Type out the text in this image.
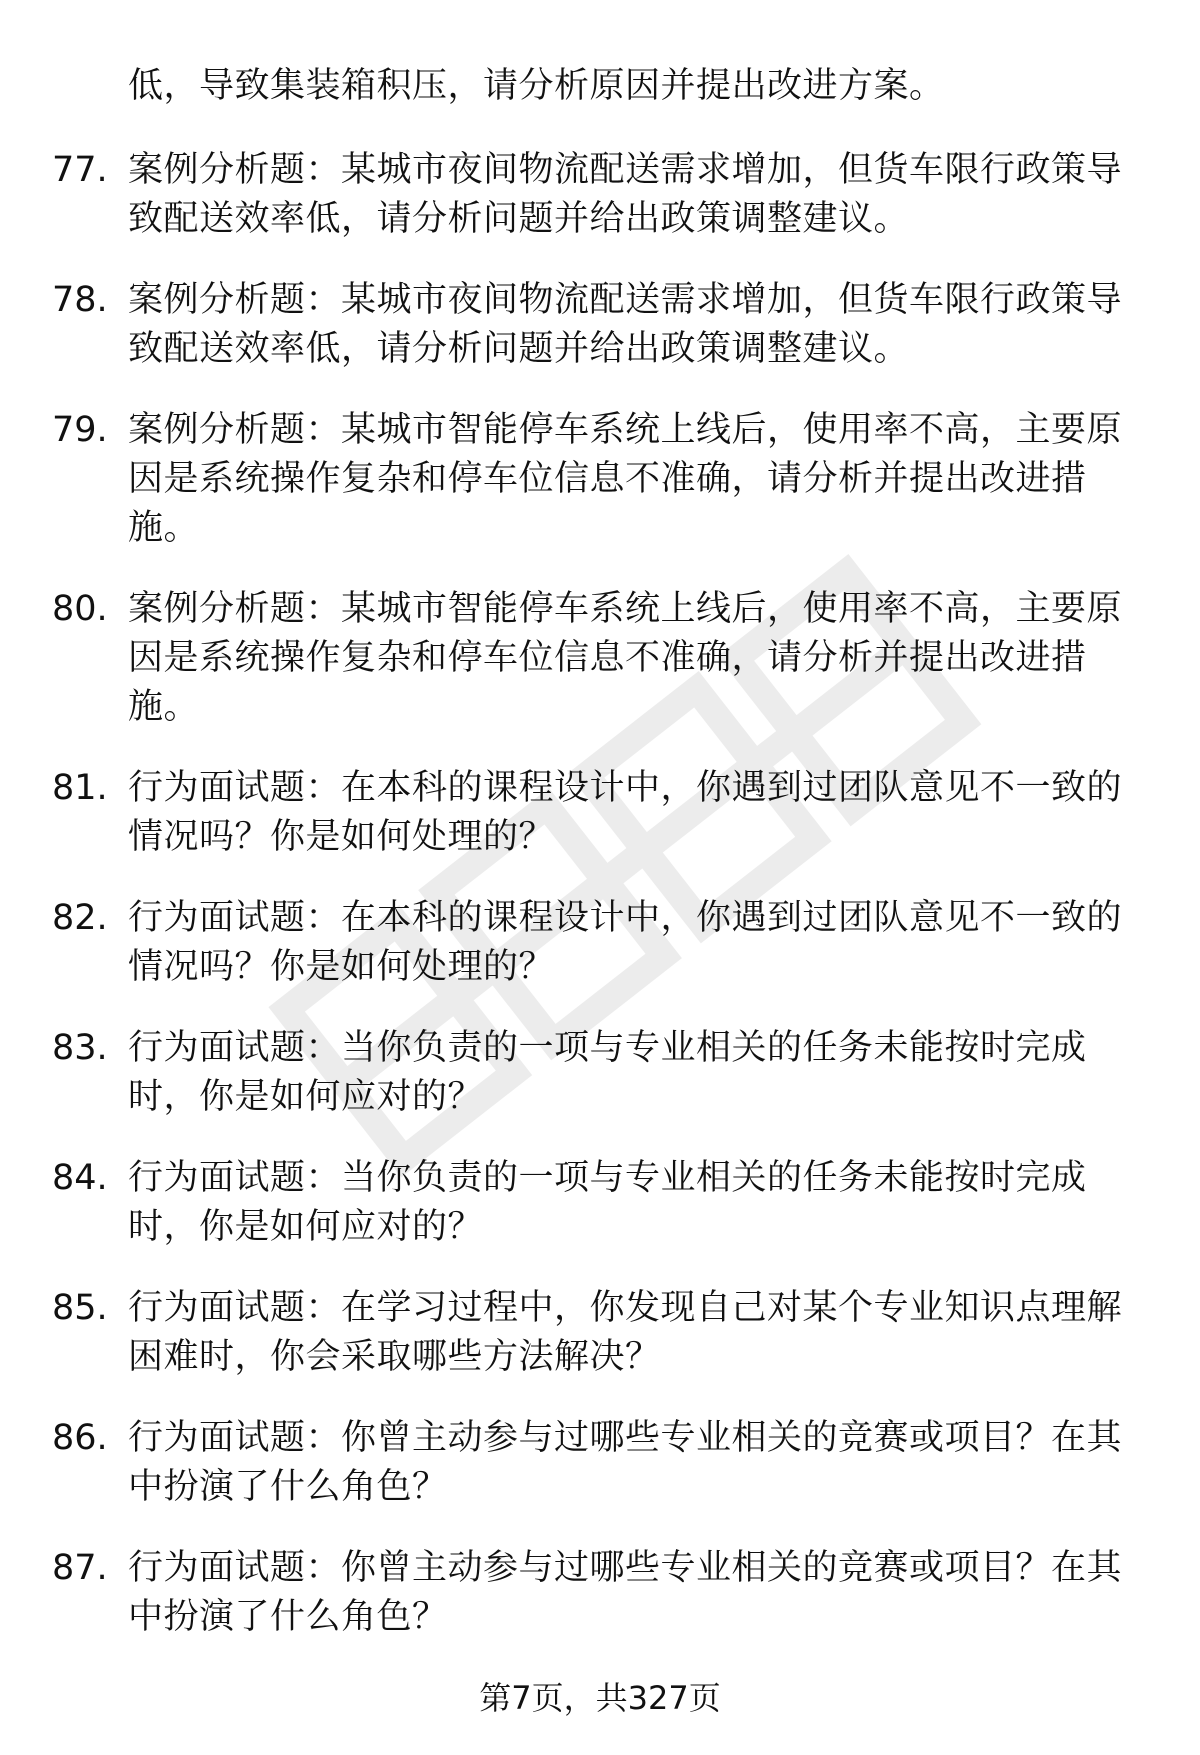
低，导致集装箱积压，请分析原因并提出改进方案。
77. 案例分析题：某城市夜间物流配送需求增加，但货车限行政策导致配送效率低，请分析问题并给出政策调整建议。
78. 案例分析题：某城市夜间物流配送需求增加，但货车限行政策导致配送效率低，请分析问题并给出政策调整建议。
79. 案例分析题：某城市智能停车系统上线后，使用率不高，主要原因是系统操作复杂和停车位信息不准确，请分析并提出改进措施。
80. 案例分析题：某城市智能停车系统上线后，使用率不高，主要原因是系统操作复杂和停车位信息不准确，请分析并提出改进措施。
81. 行为面试题：在本科的课程设计中，你遇到过团队意见不一致的情况吗？你是如何处理的？
82. 行为面试题：在本科的课程设计中，你遇到过团队意见不一致的情况吗？你是如何处理的？
83. 行为面试题：当你负责的一项与专业相关的任务未能按时完成时，你是如何应对的？
84. 行为面试题：当你负责的一项与专业相关的任务未能按时完成时，你是如何应对的？
85. 行为面试题：在学习过程中，你发现自己对某个专业知识点理解困难时，你会采取哪些方法解决？
86. 行为面试题：你曾主动参与过哪些专业相关的竞赛或项目？在其中扮演了什么角色？
87. 行为面试题：你曾主动参与过哪些专业相关的竞赛或项目？在其中扮演了什么角色？
第7页，共327页
